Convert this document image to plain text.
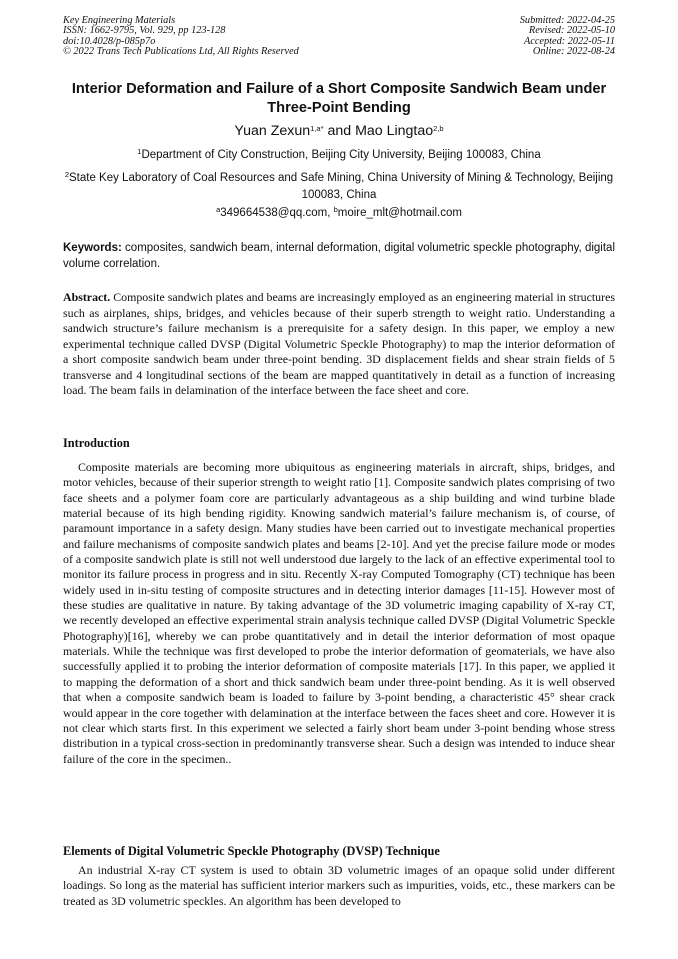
Key Engineering Materials
ISSN: 1662-9795, Vol. 929, pp 123-128
doi:10.4028/p-085p7o
© 2022 Trans Tech Publications Ltd, All Rights Reserved
Submitted: 2022-04-25
Revised: 2022-05-10
Accepted: 2022-05-11
Online: 2022-08-24
Interior Deformation and Failure of a Short Composite Sandwich Beam under Three-Point Bending
Yuan Zexun$^{1,a*}$ and Mao Lingtao$^{2,b}$
$^1$Department of City Construction, Beijing City University, Beijing 100083, China
$^2$State Key Laboratory of Coal Resources and Safe Mining, China University of Mining & Technology, Beijing 100083, China
$^a$349664538@qq.com, $^b$moire_mlt@hotmail.com
Keywords: composites, sandwich beam, internal deformation, digital volumetric speckle photography, digital volume correlation.
Abstract. Composite sandwich plates and beams are increasingly employed as an engineering material in structures such as airplanes, ships, bridges, and vehicles because of their superb strength to weight ratio. Understanding a sandwich structure’s failure mechanism is a prerequisite for a safety design. In this paper, we employ a new experimental technique called DVSP (Digital Volumetric Speckle Photography) to map the interior deformation of a short composite sandwich beam under three-point bending. 3D displacement fields and shear strain fields of 5 transverse and 4 longitudinal sections of the beam are mapped quantitatively in detail as a function of increasing load. The beam fails in delamination of the interface between the face sheet and core.
Introduction
Composite materials are becoming more ubiquitous as engineering materials in aircraft, ships, bridges, and motor vehicles, because of their superior strength to weight ratio [1]. Composite sandwich plates comprising of two face sheets and a polymer foam core are particularly advantageous as a ship building and wind turbine blade material because of its high bending rigidity. Knowing sandwich material’s failure mechanism is, of course, of paramount importance in a safety design. Many studies have been carried out to investigate mechanical properties and failure mechanisms of composite sandwich plates and beams [2-10]. And yet the precise failure mode or modes of a composite sandwich plate is still not well understood due largely to the lack of an effective experimental tool to monitor its failure process in progress and in situ. Recently X-ray Computed Tomography (CT) technique has been widely used in in-situ testing of composite structures and in detecting interior damages [11-15]. However most of these studies are qualitative in nature. By taking advantage of the 3D volumetric imaging capability of X-ray CT, we recently developed an effective experimental strain analysis technique called DVSP (Digital Volumetric Speckle Photography)[16], whereby we can probe quantitatively and in detail the interior deformation of most opaque materials. While the technique was first developed to probe the interior deformation of geomaterials, we have also successfully applied it to probing the interior deformation of composite materials [17]. In this paper, we applied it to mapping the deformation of a short and thick sandwich beam under three-point bending. As it is well observed that when a composite sandwich beam is loaded to failure by 3-point bending, a characteristic 45° shear crack would appear in the core together with delamination at the interface between the faces sheet and core. However it is not clear which starts first. In this experiment we selected a fairly short beam under 3-point bending whose stress distribution in a typical cross-section in predominantly transverse shear. Such a design was intended to induce shear failure of the core in the specimen..
Elements of Digital Volumetric Speckle Photography (DVSP) Technique
An industrial X-ray CT system is used to obtain 3D volumetric images of an opaque solid under different loadings. So long as the material has sufficient interior markers such as impurities, voids, etc., these markers can be treated as 3D volumetric speckles. An algorithm has been developed to
